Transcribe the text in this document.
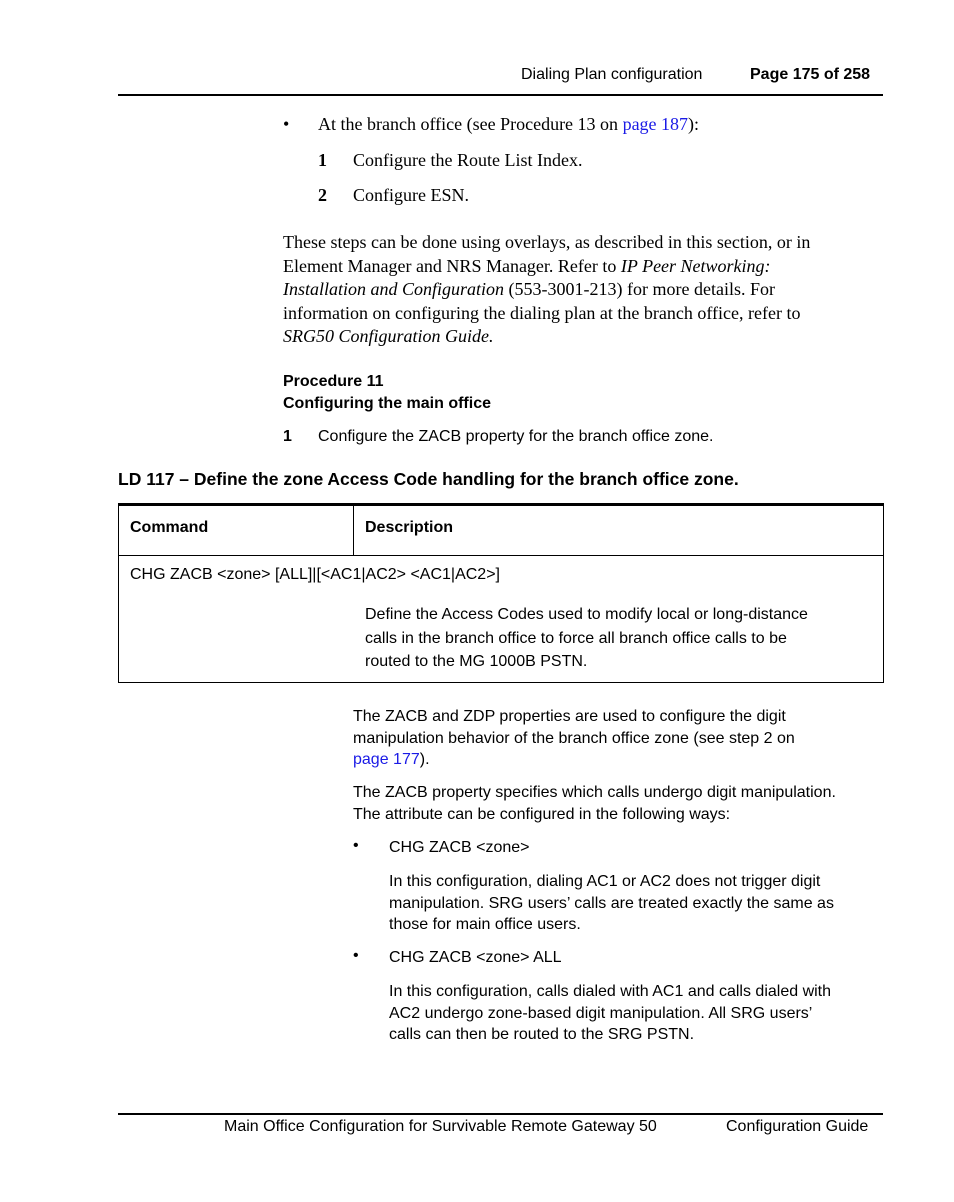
Dialing Plan configuration	Page 175 of 258
• At the branch office (see Procedure 13 on page 187):
1 Configure the Route List Index.
2 Configure ESN.
These steps can be done using overlays, as described in this section, or in
Element Manager and NRS Manager. Refer to IP Peer Networking:
Installation and Configuration (553-3001-213) for more details. For
information on configuring the dialing plan at the branch office, refer to
SRG50 Configuration Guide.
Procedure 11
Configuring the main office
1 Configure the ZACB property for the branch office zone.
LD 117 – Define the zone Access Code handling for the branch office zone.
Command	Description
CHG ZACB <zone> [ALL]|[<AC1|AC2> <AC1|AC2>]
Define the Access Codes used to modify local or long-distance
calls in the branch office to force all branch office calls to be
routed to the MG 1000B PSTN.
The ZACB and ZDP properties are used to configure the digit
manipulation behavior of the branch office zone (see step 2 on
page 177).
The ZACB property specifies which calls undergo digit manipulation.
The attribute can be configured in the following ways:
• CHG ZACB <zone>
In this configuration, dialing AC1 or AC2 does not trigger digit
manipulation. SRG users’ calls are treated exactly the same as
those for main office users.
• CHG ZACB <zone> ALL
In this configuration, calls dialed with AC1 and calls dialed with
AC2 undergo zone-based digit manipulation. All SRG users’
calls can then be routed to the SRG PSTN.
Main Office Configuration for Survivable Remote Gateway 50	Configuration Guide
